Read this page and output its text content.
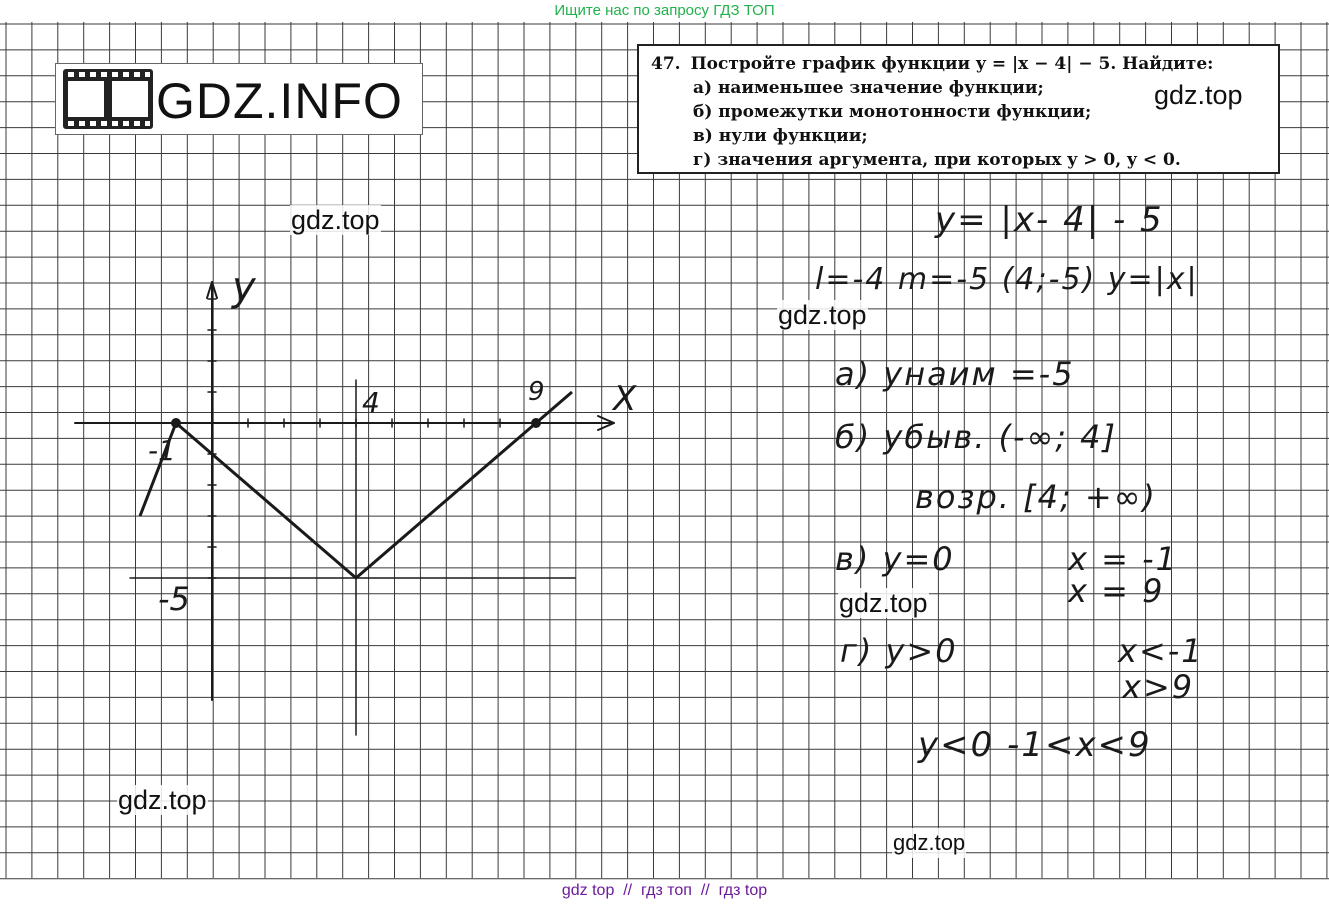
y
X
-1
4	9
-5
Ищите нас по запросу ГДЗ ТОП
GDZ.INFO
47. Постройте график функции y = |x − 4| − 5. Найдите:
а) наименьшее значение функции;
б) промежутки монотонности функции;
в) нули функции;
г) значения аргумента, при которых y > 0, y < 0.
gdz.top
gdz.top
gdz.top
gdz.top
gdz.top
gdz.top
y= |x- 4| - 5
l=-4 m=-5 (4;-5) y=|x|
a) yнаим =-5
б) yбыв. (-∞; 4]
возр. [4; +∞)
в) y=0	x = -1
x = 9
г) y>0	x<-1
x>9
y<0 -1<x<9
gdz top  //  гдз топ  //  гдз top
